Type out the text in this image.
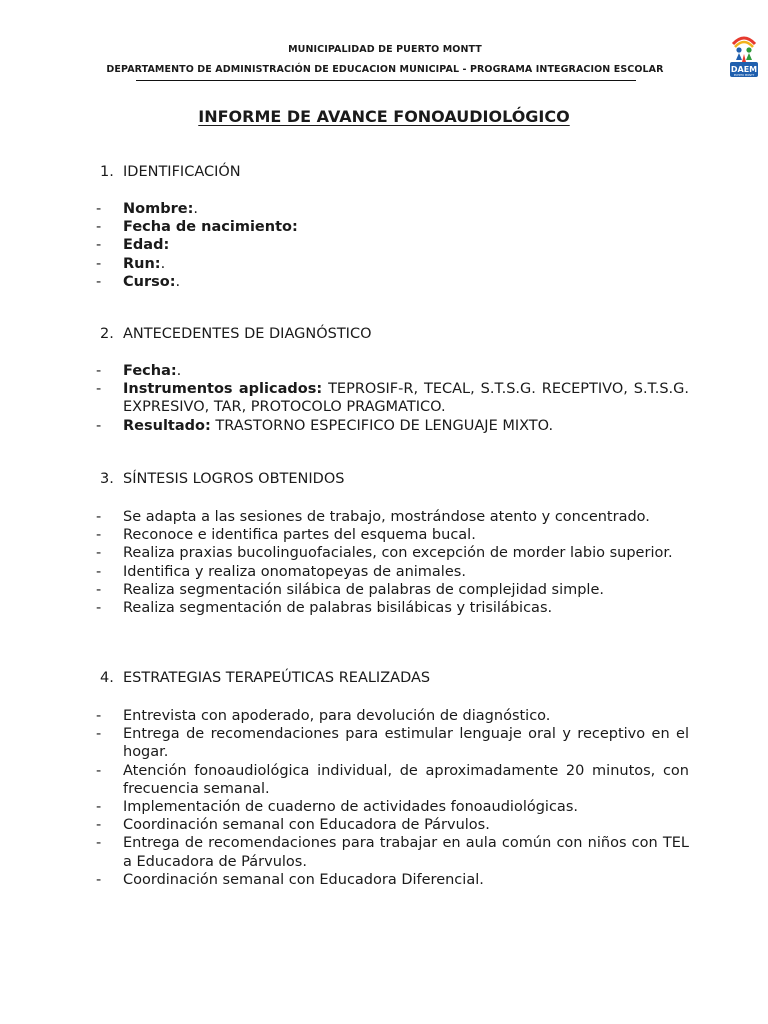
MUNICIPALIDAD DE PUERTO MONTT
DEPARTAMENTO DE ADMINISTRACIÓN DE EDUCACION MUNICIPAL - PROGRAMA INTEGRACION ESCOLAR	DAEM
PUERTO MONTT
INFORME DE AVANCE FONOAUDIOLÓGICO
1. IDENTIFICACIÓN
- Nombre:.
- Fecha de nacimiento:
- Edad:
- Run:.
- Curso:.
2. ANTECEDENTES DE DIAGNÓSTICO
- Fecha:.
- Instrumentos aplicados: TEPROSIF-R, TECAL, S.T.S.G. RECEPTIVO, S.T.S.G. EXPRESIVO, TAR, PROTOCOLO PRAGMATICO.
- Resultado: TRASTORNO ESPECIFICO DE LENGUAJE MIXTO.
3. SÍNTESIS LOGROS OBTENIDOS
- Se adapta a las sesiones de trabajo, mostrándose atento y concentrado.
- Reconoce e identifica partes del esquema bucal.
- Realiza praxias bucolinguofaciales, con excepción de morder labio superior.
- Identifica y realiza onomatopeyas de animales.
- Realiza segmentación silábica de palabras de complejidad simple.
- Realiza segmentación de palabras bisilábicas y trisilábicas.
4. ESTRATEGIAS TERAPEÚTICAS REALIZADAS
- Entrevista con apoderado, para devolución de diagnóstico.
- Entrega de recomendaciones para estimular lenguaje oral y receptivo en el hogar.
- Atención fonoaudiológica individual, de aproximadamente 20 minutos, con frecuencia semanal.
- Implementación de cuaderno de actividades fonoaudiológicas.
- Coordinación semanal con Educadora de Párvulos.
- Entrega de recomendaciones para trabajar en aula común con niños con TEL a Educadora de Párvulos.
- Coordinación semanal con Educadora Diferencial.
